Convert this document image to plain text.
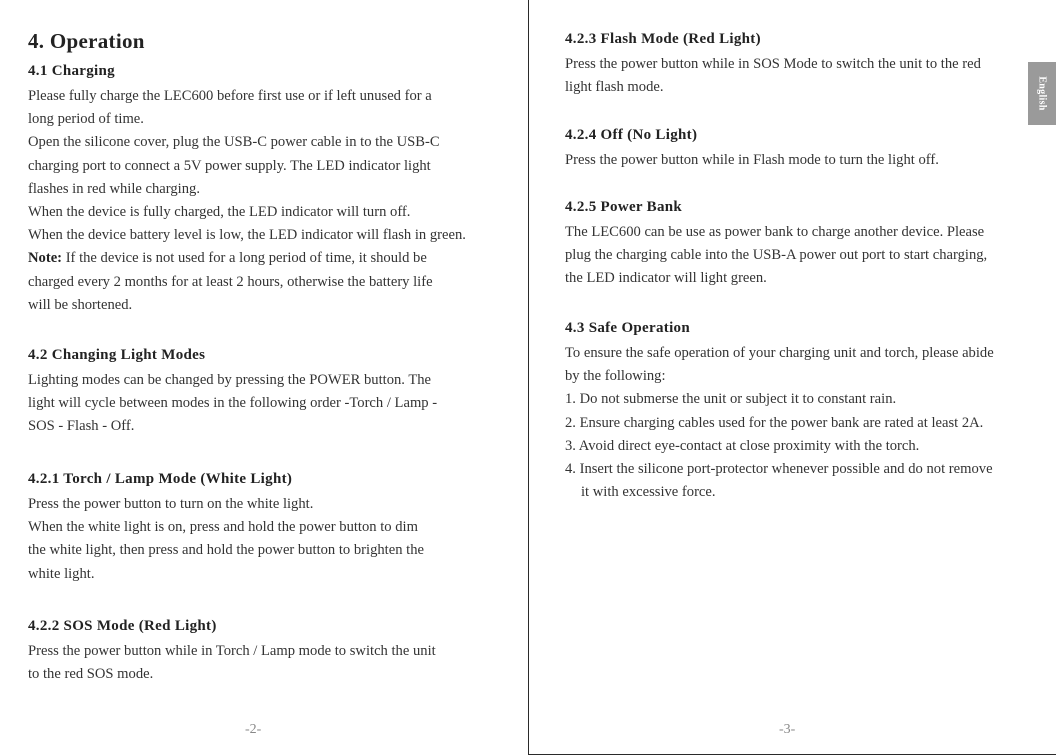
4. Operation
4.1 Charging
Please fully charge the LEC600 before first use or if left unused for a
long period of time.
Open the silicone cover, plug the USB-C power cable in to the USB-C
charging port to connect a 5V power supply. The LED indicator light
flashes in red while charging.
When the device is fully charged, the LED indicator will turn off.
When the device battery level is low, the LED indicator will flash in green.
Note: If the device is not used for a long period of time, it should be
charged every 2 months for at least 2 hours, otherwise the battery life
will be shortened.
4.2 Changing Light Modes
Lighting modes can be changed by pressing the POWER button. The
light will cycle between modes in the following order -Torch / Lamp -
SOS - Flash - Off.
4.2.1 Torch / Lamp Mode (White Light)
Press the power button to turn on the white light.
When the white light is on, press and hold the power button to dim
the white light, then press and hold the power button to brighten the
white light.
4.2.2 SOS Mode (Red Light)
Press the power button while in Torch / Lamp mode to switch the unit
to the red SOS mode.
-2-
4.2.3 Flash Mode (Red Light)
Press the power button while in SOS Mode to switch the unit to the red
light flash mode.
4.2.4 Off (No Light)
Press the power button while in Flash mode to turn the light off.
4.2.5 Power Bank
The LEC600 can be use as power bank to charge another device. Please
plug the charging cable into the USB-A power out port to start charging,
the LED indicator will light green.
4.3 Safe Operation
To ensure the safe operation of your charging unit and torch, please abide
by the following:
1. Do not submerse the unit or subject it to constant rain.
2. Ensure charging cables used for the power bank are rated at least 2A.
3. Avoid direct eye-contact at close proximity with the torch.
4. Insert the silicone port-protector whenever possible and do not remove
it with excessive force.
English
-3-
